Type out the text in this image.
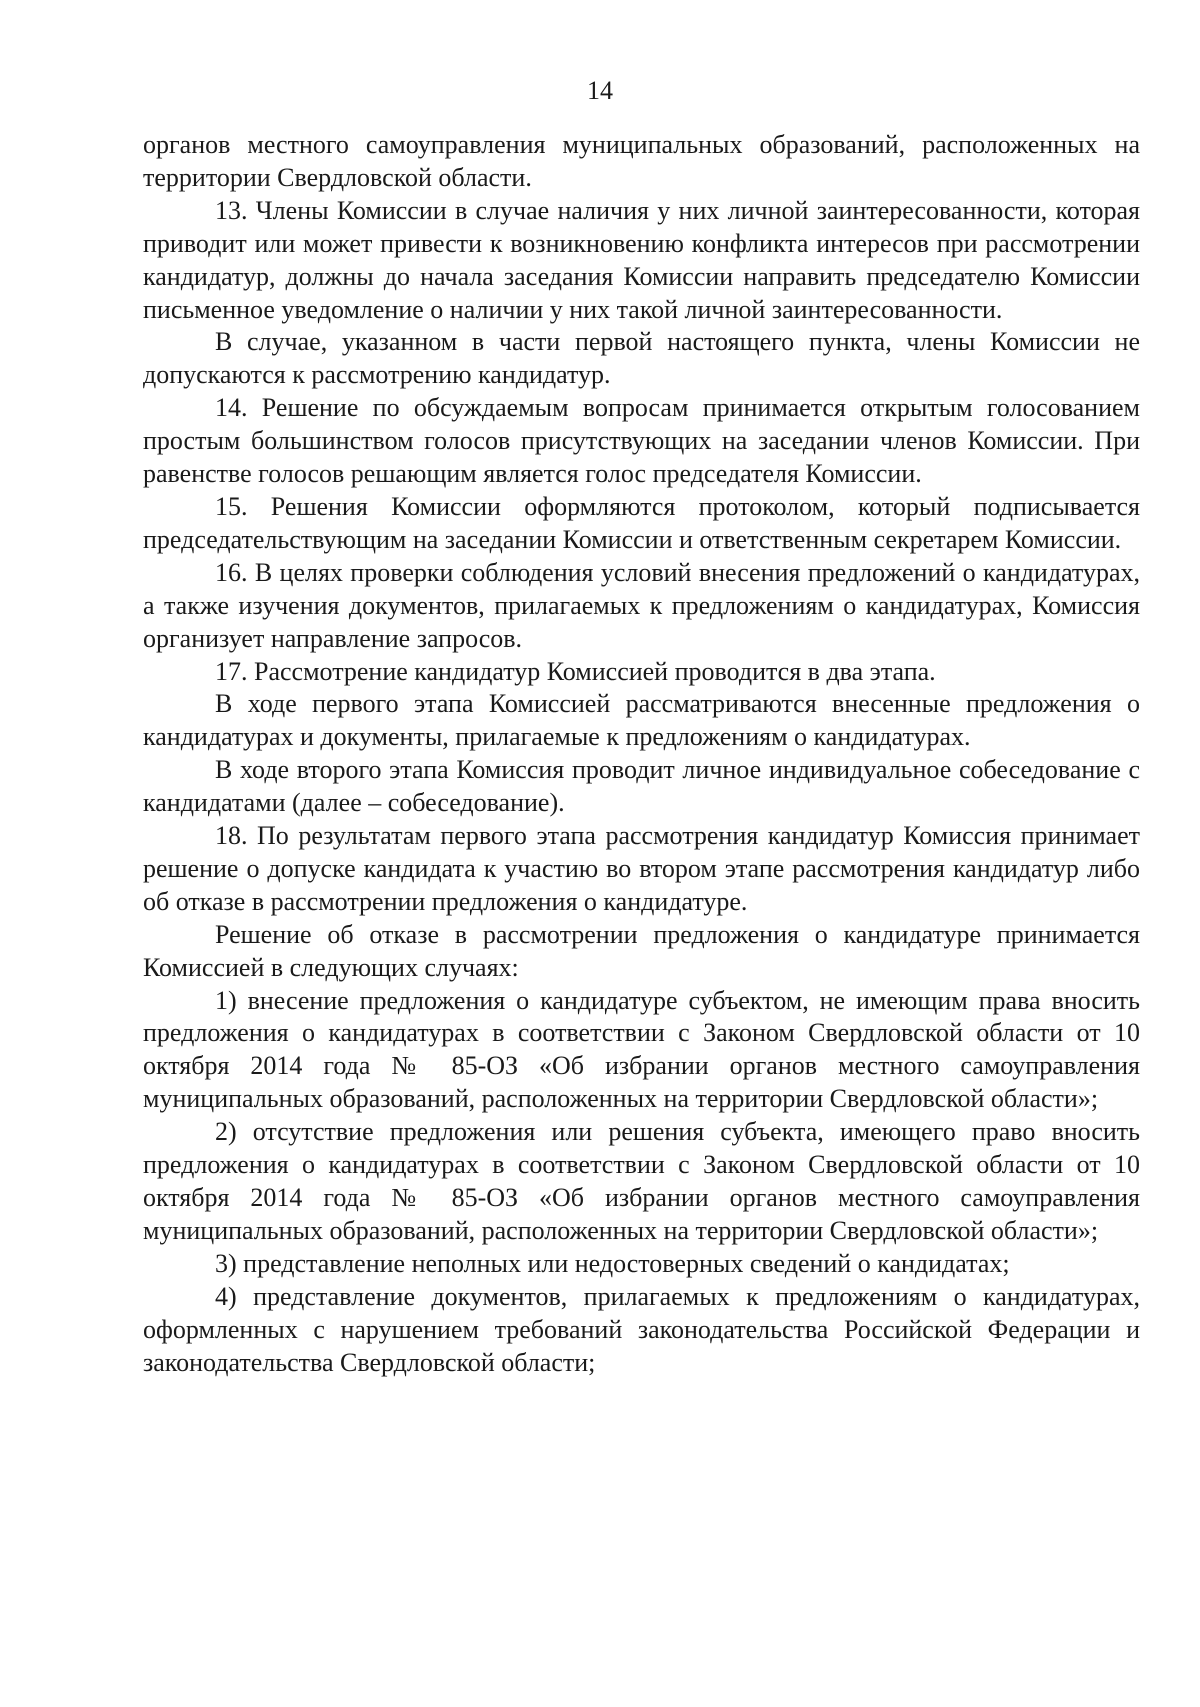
14

органов местного самоуправления муниципальных образований, расположенных на территории Свердловской области.

13. Члены Комиссии в случае наличия у них личной заинтересованности, которая приводит или может привести к возникновению конфликта интересов при рассмотрении кандидатур, должны до начала заседания Комиссии направить председателю Комиссии письменное уведомление о наличии у них такой личной заинтересованности.

В случае, указанном в части первой настоящего пункта, члены Комиссии не допускаются к рассмотрению кандидатур.

14. Решение по обсуждаемым вопросам принимается открытым голосованием простым большинством голосов присутствующих на заседании членов Комиссии. При равенстве голосов решающим является голос председателя Комиссии.

15. Решения Комиссии оформляются протоколом, который подписывается председательствующим на заседании Комиссии и ответственным секретарем Комиссии.

16. В целях проверки соблюдения условий внесения предложений о кандидатурах, а также изучения документов, прилагаемых к предложениям о кандидатурах, Комиссия организует направление запросов.

17. Рассмотрение кандидатур Комиссией проводится в два этапа.

В ходе первого этапа Комиссией рассматриваются внесенные предложения о кандидатурах и документы, прилагаемые к предложениям о кандидатурах.

В ходе второго этапа Комиссия проводит личное индивидуальное собеседование с кандидатами (далее – собеседование).

18. По результатам первого этапа рассмотрения кандидатур Комиссия принимает решение о допуске кандидата к участию во втором этапе рассмотрения кандидатур либо об отказе в рассмотрении предложения о кандидатуре.

Решение об отказе в рассмотрении предложения о кандидатуре принимается Комиссией в следующих случаях:

1) внесение предложения о кандидатуре субъектом, не имеющим права вносить предложения о кандидатурах в соответствии с Законом Свердловской области от 10 октября 2014 года № 85-ОЗ «Об избрании органов местного самоуправления муниципальных образований, расположенных на территории Свердловской области»;

2) отсутствие предложения или решения субъекта, имеющего право вносить предложения о кандидатурах в соответствии с Законом Свердловской области от 10 октября 2014 года № 85-ОЗ «Об избрании органов местного самоуправления муниципальных образований, расположенных на территории Свердловской области»;

3) представление неполных или недостоверных сведений о кандидатах;

4) представление документов, прилагаемых к предложениям о кандидатурах, оформленных с нарушением требований законодательства Российской Федерации и законодательства Свердловской области;
